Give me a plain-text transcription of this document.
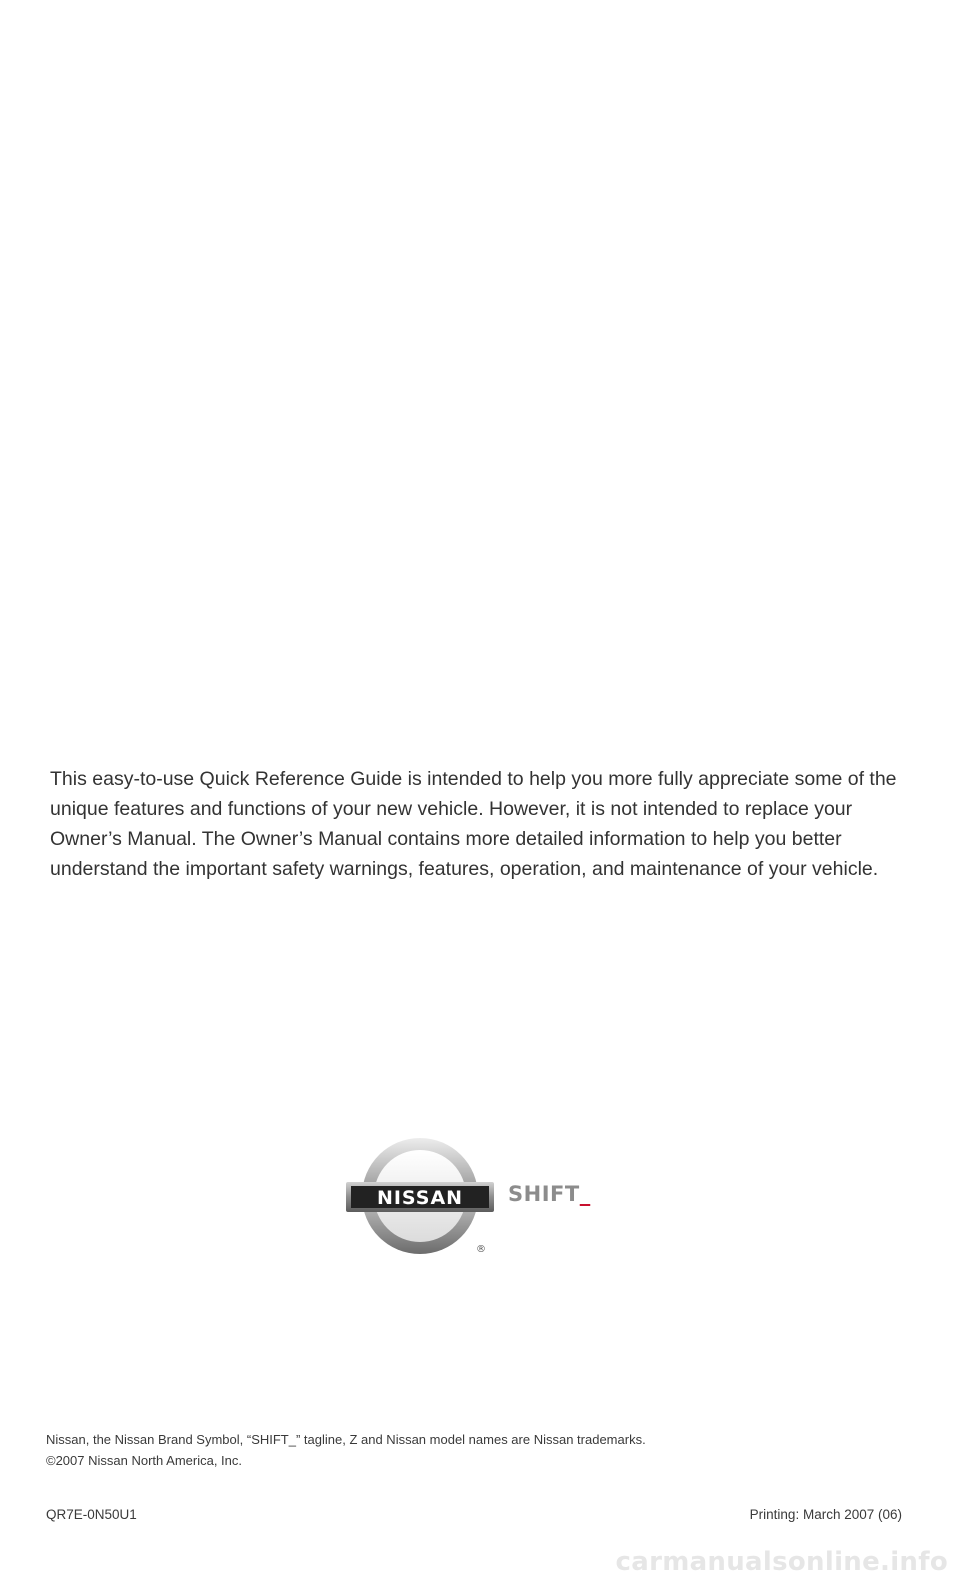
This easy-to-use Quick Reference Guide is intended to help you more fully appreciate some of the unique features and functions of your new vehicle. However, it is not intended to replace your Owner’s Manual. The Owner’s Manual contains more detailed information to help you better understand the important safety warnings, features, operation, and maintenance of your vehicle.

NISSAN
®
SHIFT_

Nissan, the Nissan Brand Symbol, “SHIFT_” tagline, Z and Nissan model names are Nissan trademarks.
©2007 Nissan North America, Inc.

QR7E-0N50U1	Printing: March 2007 (06)
carmanualsonline.info
